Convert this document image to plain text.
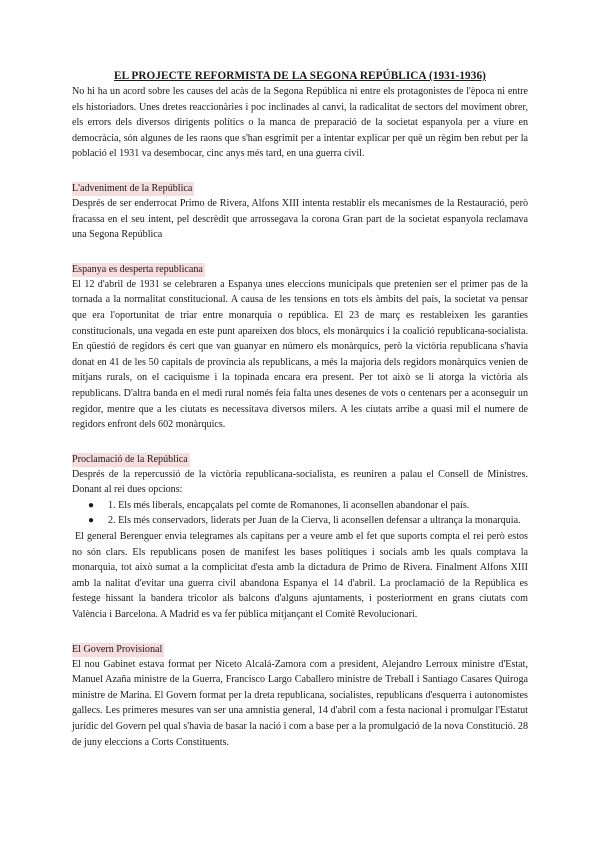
EL PROJECTE REFORMISTA DE LA SEGONA REPÚBLICA (1931-1936)

No hi ha un acord sobre les causes del acàs de la Segona República ni entre els protagonistes de l'època ni entre els historiadors. Unes dretes reaccionàries i poc inclinades al canvi, la radicalitat de sectors del moviment obrer, els errors dels diversos dirigents polítics o la manca de preparació de la societat espanyola per a viure en democràcia, són algunes de les raons que s'han esgrimit per a intentar explicar per què un règim ben rebut per la població el 1931 va desembocar, cinc anys més tard, en una guerra civil.

L'adveniment de la República

Després de ser enderrocat Primo de Rivera, Alfons XIII intenta restablir els mecanismes de la Restauració, però fracassa en el seu intent, pel descrèdit que arrossegava la corona Gran part de la societat espanyola reclamava una Segona República

Espanya es desperta republicana

El 12 d'abril de 1931 se celebraren a Espanya unes eleccions municipals que pretenien ser el primer pas de la tornada a la normalitat constitucional. A causa de les tensions en tots els àmbits del país, la societat va pensar que era l'oportunitat de triar entre monarquia o república. El 23 de març es restableixen les garanties constitucionals, una vegada en este punt apareixen dos blocs, els monàrquics i la coalició republicana-socialista. En qüestió de regidors és cert que van guanyar en número els monàrquics, però la victòria republicana s'havia donat en 41 de les 50 capitals de província als republicans, a més la majoria dels regidors monàrquics venien de mitjans rurals, on el caciquisme i la topinada encara era present. Per tot això se li atorga la victòria als republicans. D'altra banda en el medi rural només feia falta unes desenes de vots o centenars per a aconseguir un regidor, mentre que a les ciutats es necessitava diversos milers. A les ciutats arribe a quasi mil el numere de regidors enfront dels 602 monàrquics.

Proclamació de la República

Després de la repercussió de la victòria republicana-socialista, es reuniren a palau el Consell de Ministres. Donant al rei dues opcions:

● 1. Els més liberals, encapçalats pel comte de Romanones, li aconsellen abandonar el país.
● 2. Els més conservadors, liderats per Juan de la Cierva, li aconsellen defensar a ultrança la monarquia.

El general Berenguer envia telegrames als capitans per a veure amb el fet que suports compta el rei però estos no són clars. Els republicans posen de manifest les bases polítiques i socials amb les quals comptava la monarquia, tot això sumat a la complicitat d'esta amb la dictadura de Primo de Rivera. Finalment Alfons XIII amb la nalitat d'evitar una guerra civil abandona Espanya el 14 d'abril. La proclamació de la República es festege hissant la bandera tricolor als balcons d'alguns ajuntaments, i posteriorment en grans ciutats com València i Barcelona. A Madrid es va fer pública mitjançant el Comitè Revolucionari.

El Govern Provisional

El nou Gabinet estava format per Niceto Alcalá-Zamora com a president, Alejandro Lerroux ministre d'Estat, Manuel Azaña ministre de la Guerra, Francisco Largo Caballero ministre de Treball i Santiago Casares Quiroga ministre de Marina. El Govern format per la dreta republicana, socialistes, republicans d'esquerra i autonomistes gallecs. Les primeres mesures van ser una amnistia general, 14 d'abril com a festa nacional i promulgar l'Estatut jurídic del Govern pel qual s'havia de basar la nació i com a base per a la promulgació de la nova Constitució. 28 de juny eleccions a Corts Constituents.
